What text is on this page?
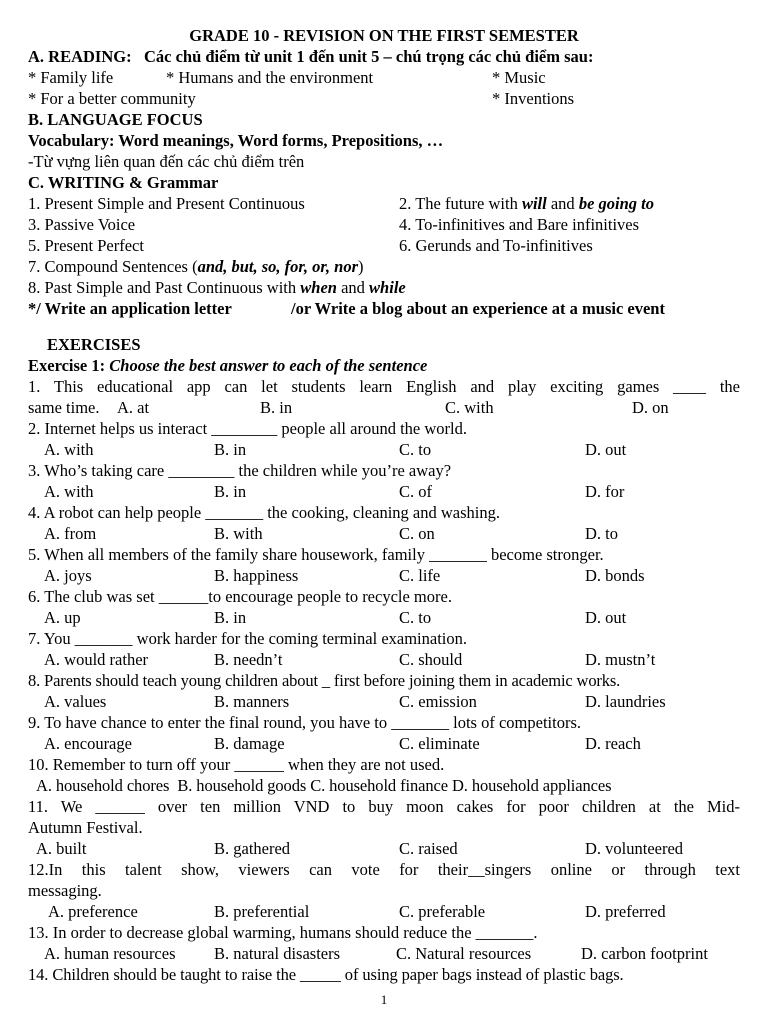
GRADE 10 - REVISION ON THE FIRST SEMESTER
A. READING: Các chủ điểm từ unit 1 đến unit 5 – chú trọng các chủ điểm sau:
* Family life	* Humans and the environment	* Music
* For a better community	* Inventions
B. LANGUAGE FOCUS
Vocabulary: Word meanings, Word forms, Prepositions, …
-Từ vựng liên quan đến các chủ điểm trên
C. WRITING & Grammar
1. Present Simple and Present Continuous	2. The future with will and be going to
3. Passive Voice	4. To-infinitives and Bare infinitives
5. Present Perfect	6. Gerunds and To-infinitives
7. Compound Sentences (and, but, so, for, or, nor)
8. Past Simple and Past Continuous with when and while
*/ Write an application letter	/or Write a blog about an experience at a music event
EXERCISES
Exercise 1: Choose the best answer to each of the sentence
1. This educational app can let students learn English and play exciting games ____ the
same time. A. at	B. in	C. with	D. on
2. Internet helps us interact ________ people all around the world.
A. with	B. in	C. to	D. out
3. Who’s taking care ________ the children while you’re away?
A. with	B. in	C. of	D. for
4. A robot can help people _______ the cooking, cleaning and washing.
A. from	B. with	C. on	D. to
5. When all members of the family share housework, family _______ become stronger.
A. joys	B. happiness	C. life	D. bonds
6. The club was set ______to encourage people to recycle more.
A. up	B. in	C. to	D. out
7. You _______ work harder for the coming terminal examination.
A. would rather	B. needn’t	C. should	D. mustn’t
8. Parents should teach young children about _ first before joining them in academic works.
A. values	B. manners	C. emission	D. laundries
9. To have chance to enter the final round, you have to _______ lots of competitors.
A. encourage	B. damage	C. eliminate	D. reach
10. Remember to turn off your ______ when they are not used.
A. household chores  B. household goods C. household finance D. household appliances
11. We ______ over ten million VND to buy moon cakes for poor children at the Mid-
Autumn Festival.
A. built	B. gathered	C. raised	D. volunteered
12.In this talent show, viewers can vote for their__singers online or through text
messaging.
A. preference	B. preferential	C. preferable	D. preferred
13. In order to decrease global warming, humans should reduce the _______.
A. human resources B. natural disasters	C. Natural resources	D. carbon footprint
14. Children should be taught to raise the _____ of using paper bags instead of plastic bags.
1
